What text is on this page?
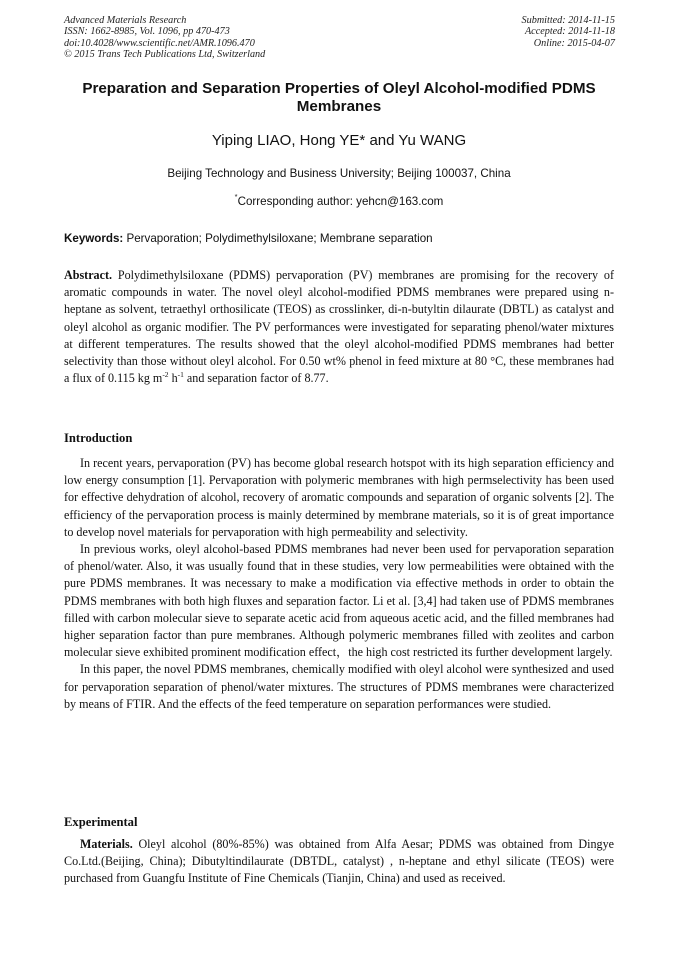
Advanced Materials Research
ISSN: 1662-8985, Vol. 1096, pp 470-473
doi:10.4028/www.scientific.net/AMR.1096.470
© 2015 Trans Tech Publications Ltd, Switzerland
Submitted: 2014-11-15
Accepted: 2014-11-18
Online: 2015-04-07
Preparation and Separation Properties of Oleyl Alcohol-modified PDMS Membranes
Yiping LIAO, Hong YE* and Yu WANG
Beijing Technology and Business University; Beijing 100037, China
*Corresponding author: yehcn@163.com
Keywords: Pervaporation; Polydimethylsiloxane; Membrane separation
Abstract. Polydimethylsiloxane (PDMS) pervaporation (PV) membranes are promising for the recovery of aromatic compounds in water. The novel oleyl alcohol-modified PDMS membranes were prepared using n-heptane as solvent, tetraethyl orthosilicate (TEOS) as crosslinker, di-n-butyltin dilaurate (DBTL) as catalyst and oleyl alcohol as organic modifier. The PV performances were investigated for separating phenol/water mixtures at different temperatures. The results showed that the oleyl alcohol-modified PDMS membranes had better selectivity than those without oleyl alcohol. For 0.50 wt% phenol in feed mixture at 80 °C, these membranes had a flux of 0.115 kg $m^{-2}$ $h^{-1}$ and separation factor of 8.77.
Introduction

In recent years, pervaporation (PV) has become global research hotspot with its high separation efficiency and low energy consumption [1]. Pervaporation with polymeric membranes with high permselectivity has been used for effective dehydration of alcohol, recovery of aromatic compounds and separation of organic solvents [2]. The efficiency of the pervaporation process is mainly determined by membrane materials, so it is of great importance to develop novel materials for pervaporation with high permeability and selectivity.

In previous works, oleyl alcohol-based PDMS membranes had never been used for pervaporation separation of phenol/water. Also, it was usually found that in these studies, very low permeabilities were obtained with the pure PDMS membranes. It was necessary to make a modification via effective methods in order to obtain the PDMS membranes with both high fluxes and separation factor. Li et al. [3,4] had taken use of PDMS membranes filled with carbon molecular sieve to separate acetic acid from aqueous acetic acid, and the filled membranes had higher separation factor than pure membranes. Although polymeric membranes filled with zeolites and carbon molecular sieve exhibited prominent modification effect，the high cost restricted its further development largely.

In this paper, the novel PDMS membranes, chemically modified with oleyl alcohol were synthesized and used for pervaporation separation of phenol/water mixtures. The structures of PDMS membranes were characterized by means of FTIR. And the effects of the feed temperature on separation performances were studied.

Experimental

Materials. Oleyl alcohol (80%-85%) was obtained from Alfa Aesar; PDMS was obtained from Dingye Co.Ltd.(Beijing, China); Dibutyltindilaurate (DBTDL, catalyst) , n-heptane and ethyl silicate (TEOS) were purchased from Guangfu Institute of Fine Chemicals (Tianjin, China) and used as received.
